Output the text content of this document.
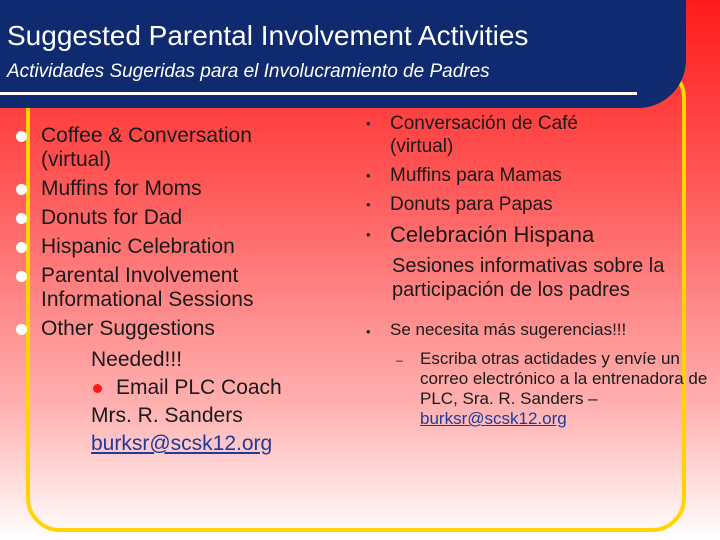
Suggested Parental Involvement Activities
Actividades Sugeridas para el Involucramiento de Padres
Coffee & Conversation
(virtual)
Muffins for Moms
Donuts for Dad
Hispanic Celebration
Parental Involvement
Informational Sessions
Other Suggestions
Needed!!!
Email PLC Coach
Mrs. R. Sanders
burksr@scsk12.org
•	Conversación de Café
(virtual)
•	Muffins para Mamas
•	Donuts para Papas
• Celebración Hispana
Sesiones informativas sobre la participación de los padres
•	Se necesita más sugerencias!!!
–	Escriba otras actidades y envíe un correo electrónico a la entrenadora de PLC, Sra. R. Sanders –
burksr@scsk12.org
